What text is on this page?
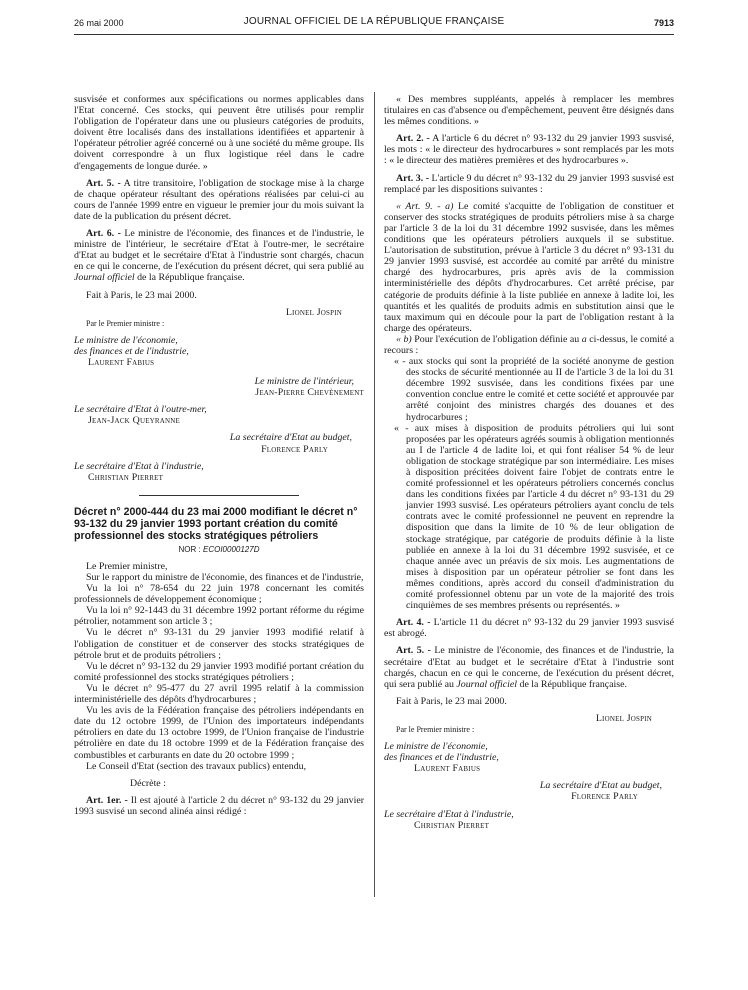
26 mai 2000	JOURNAL OFFICIEL DE LA RÉPUBLIQUE FRANÇAISE	7913

susvisée et conformes aux spécifications ou normes applicables dans l'Etat concerné. Ces stocks, qui peuvent être utilisés pour remplir l'obligation de l'opérateur dans une ou plusieurs catégories de produits, doivent être localisés dans des installations identifiées et appartenir à l'opérateur pétrolier agréé concerné ou à une société du même groupe. Ils doivent correspondre à un flux logistique réel dans le cadre d'engagements de longue durée. »

Art. 5. - A titre transitoire, l'obligation de stockage mise à la charge de chaque opérateur résultant des opérations réalisées par celui-ci au cours de l'année 1999 entre en vigueur le premier jour du mois suivant la date de la publication du présent décret.

Art. 6. - Le ministre de l'économie, des finances et de l'industrie, le ministre de l'intérieur, le secrétaire d'Etat à l'outre-mer, le secrétaire d'Etat au budget et le secrétaire d'Etat à l'industrie sont chargés, chacun en ce qui le concerne, de l'exécution du présent décret, qui sera publié au Journal officiel de la République française.

Fait à Paris, le 23 mai 2000.

Lionel Jospin

Par le Premier ministre :

Le ministre de l'économie,

des finances et de l'industrie,

Laurent Fabius

Le ministre de l'intérieur,

Jean-Pierre Chevènement

Le secrétaire d'Etat à l'outre-mer,

Jean-Jack Queyranne

La secrétaire d'Etat au budget,

Florence Parly

Le secrétaire d'Etat à l'industrie,

Christian Pierret

Décret n° 2000-444 du 23 mai 2000 modifiant le décret n° 93-132 du 29 janvier 1993 portant création du comité professionnel des stocks stratégiques pétroliers

NOR : ECOI0000127D

Le Premier ministre,

Sur le rapport du ministre de l'économie, des finances et de l'industrie,

Vu la loi n° 78-654 du 22 juin 1978 concernant les comités professionnels de développement économique ;

Vu la loi n° 92-1443 du 31 décembre 1992 portant réforme du régime pétrolier, notamment son article 3 ;

Vu le décret n° 93-131 du 29 janvier 1993 modifié relatif à l'obligation de constituer et de conserver des stocks stratégiques de pétrole brut et de produits pétroliers ;

Vu le décret n° 93-132 du 29 janvier 1993 modifié portant création du comité professionnel des stocks stratégiques pétroliers ;

Vu le décret n° 95-477 du 27 avril 1995 relatif à la commission interministérielle des dépôts d'hydrocarbures ;

Vu les avis de la Fédération française des pétroliers indépendants en date du 12 octobre 1999, de l'Union des importateurs indépendants pétroliers en date du 13 octobre 1999, de l'Union française de l'industrie pétrolière en date du 18 octobre 1999 et de la Fédération française des combustibles et carburants en date du 20 octobre 1999 ;

Le Conseil d'Etat (section des travaux publics) entendu,

Décrète :

Art. 1er. - Il est ajouté à l'article 2 du décret n° 93-132 du 29 janvier 1993 susvisé un second alinéa ainsi rédigé :

« Des membres suppléants, appelés à remplacer les membres titulaires en cas d'absence ou d'empêchement, peuvent être désignés dans les mêmes conditions. »

Art. 2. - A l'article 6 du décret n° 93-132 du 29 janvier 1993 susvisé, les mots : « le directeur des hydrocarbures » sont remplacés par les mots : « le directeur des matières premières et des hydrocarbures ».

Art. 3. - L'article 9 du décret n° 93-132 du 29 janvier 1993 susvisé est remplacé par les dispositions suivantes :

« Art. 9. - a) Le comité s'acquitte de l'obligation de constituer et conserver des stocks stratégiques de produits pétroliers mise à sa charge par l'article 3 de la loi du 31 décembre 1992 susvisée, dans les mêmes conditions que les opérateurs pétroliers auxquels il se substitue. L'autorisation de substitution, prévue à l'article 3 du décret n° 93-131 du 29 janvier 1993 susvisé, est accordée au comité par arrêté du ministre chargé des hydrocarbures, pris après avis de la commission interministérielle des dépôts d'hydrocarbures. Cet arrêté précise, par catégorie de produits définie à la liste publiée en annexe à ladite loi, les quantités et les qualités de produits admis en substitution ainsi que le taux maximum qui en découle pour la part de l'obligation restant à la charge des opérateurs.

« b) Pour l'exécution de l'obligation définie au a ci-dessus, le comité a recours :

« - aux stocks qui sont la propriété de la société anonyme de gestion des stocks de sécurité mentionnée au II de l'article 3 de la loi du 31 décembre 1992 susvisée, dans les conditions fixées par une convention conclue entre le comité et cette société et approuvée par arrêté conjoint des ministres chargés des douanes et des hydrocarbures ;

« - aux mises à disposition de produits pétroliers qui lui sont proposées par les opérateurs agréés soumis à obligation mentionnés au I de l'article 4 de ladite loi, et qui font réaliser 54 % de leur obligation de stockage stratégique par son intermédiaire. Les mises à disposition précitées doivent faire l'objet de contrats entre le comité professionnel et les opérateurs pétroliers concernés conclus dans les conditions fixées par l'article 4 du décret n° 93-131 du 29 janvier 1993 susvisé. Les opérateurs pétroliers ayant conclu de tels contrats avec le comité professionnel ne peuvent en reprendre la disposition que dans la limite de 10 % de leur obligation de stockage stratégique, par catégorie de produits définie à la liste publiée en annexe à la loi du 31 décembre 1992 susvisée, et ce chaque année avec un préavis de six mois. Les augmentations de mises à disposition par un opérateur pétrolier se font dans les mêmes conditions, après accord du conseil d'administration du comité professionnel obtenu par un vote de la majorité des trois cinquièmes de ses membres présents ou représentés. »

Art. 4. - L'article 11 du décret n° 93-132 du 29 janvier 1993 susvisé est abrogé.

Art. 5. - Le ministre de l'économie, des finances et de l'industrie, la secrétaire d'Etat au budget et le secrétaire d'Etat à l'industrie sont chargés, chacun en ce qui le concerne, de l'exécution du présent décret, qui sera publié au Journal officiel de la République française.

Fait à Paris, le 23 mai 2000.

Lionel Jospin

Par le Premier ministre :

Le ministre de l'économie,

des finances et de l'industrie,

Laurent Fabius

La secrétaire d'Etat au budget,

Florence Parly

Le secrétaire d'Etat à l'industrie,

Christian Pierret
